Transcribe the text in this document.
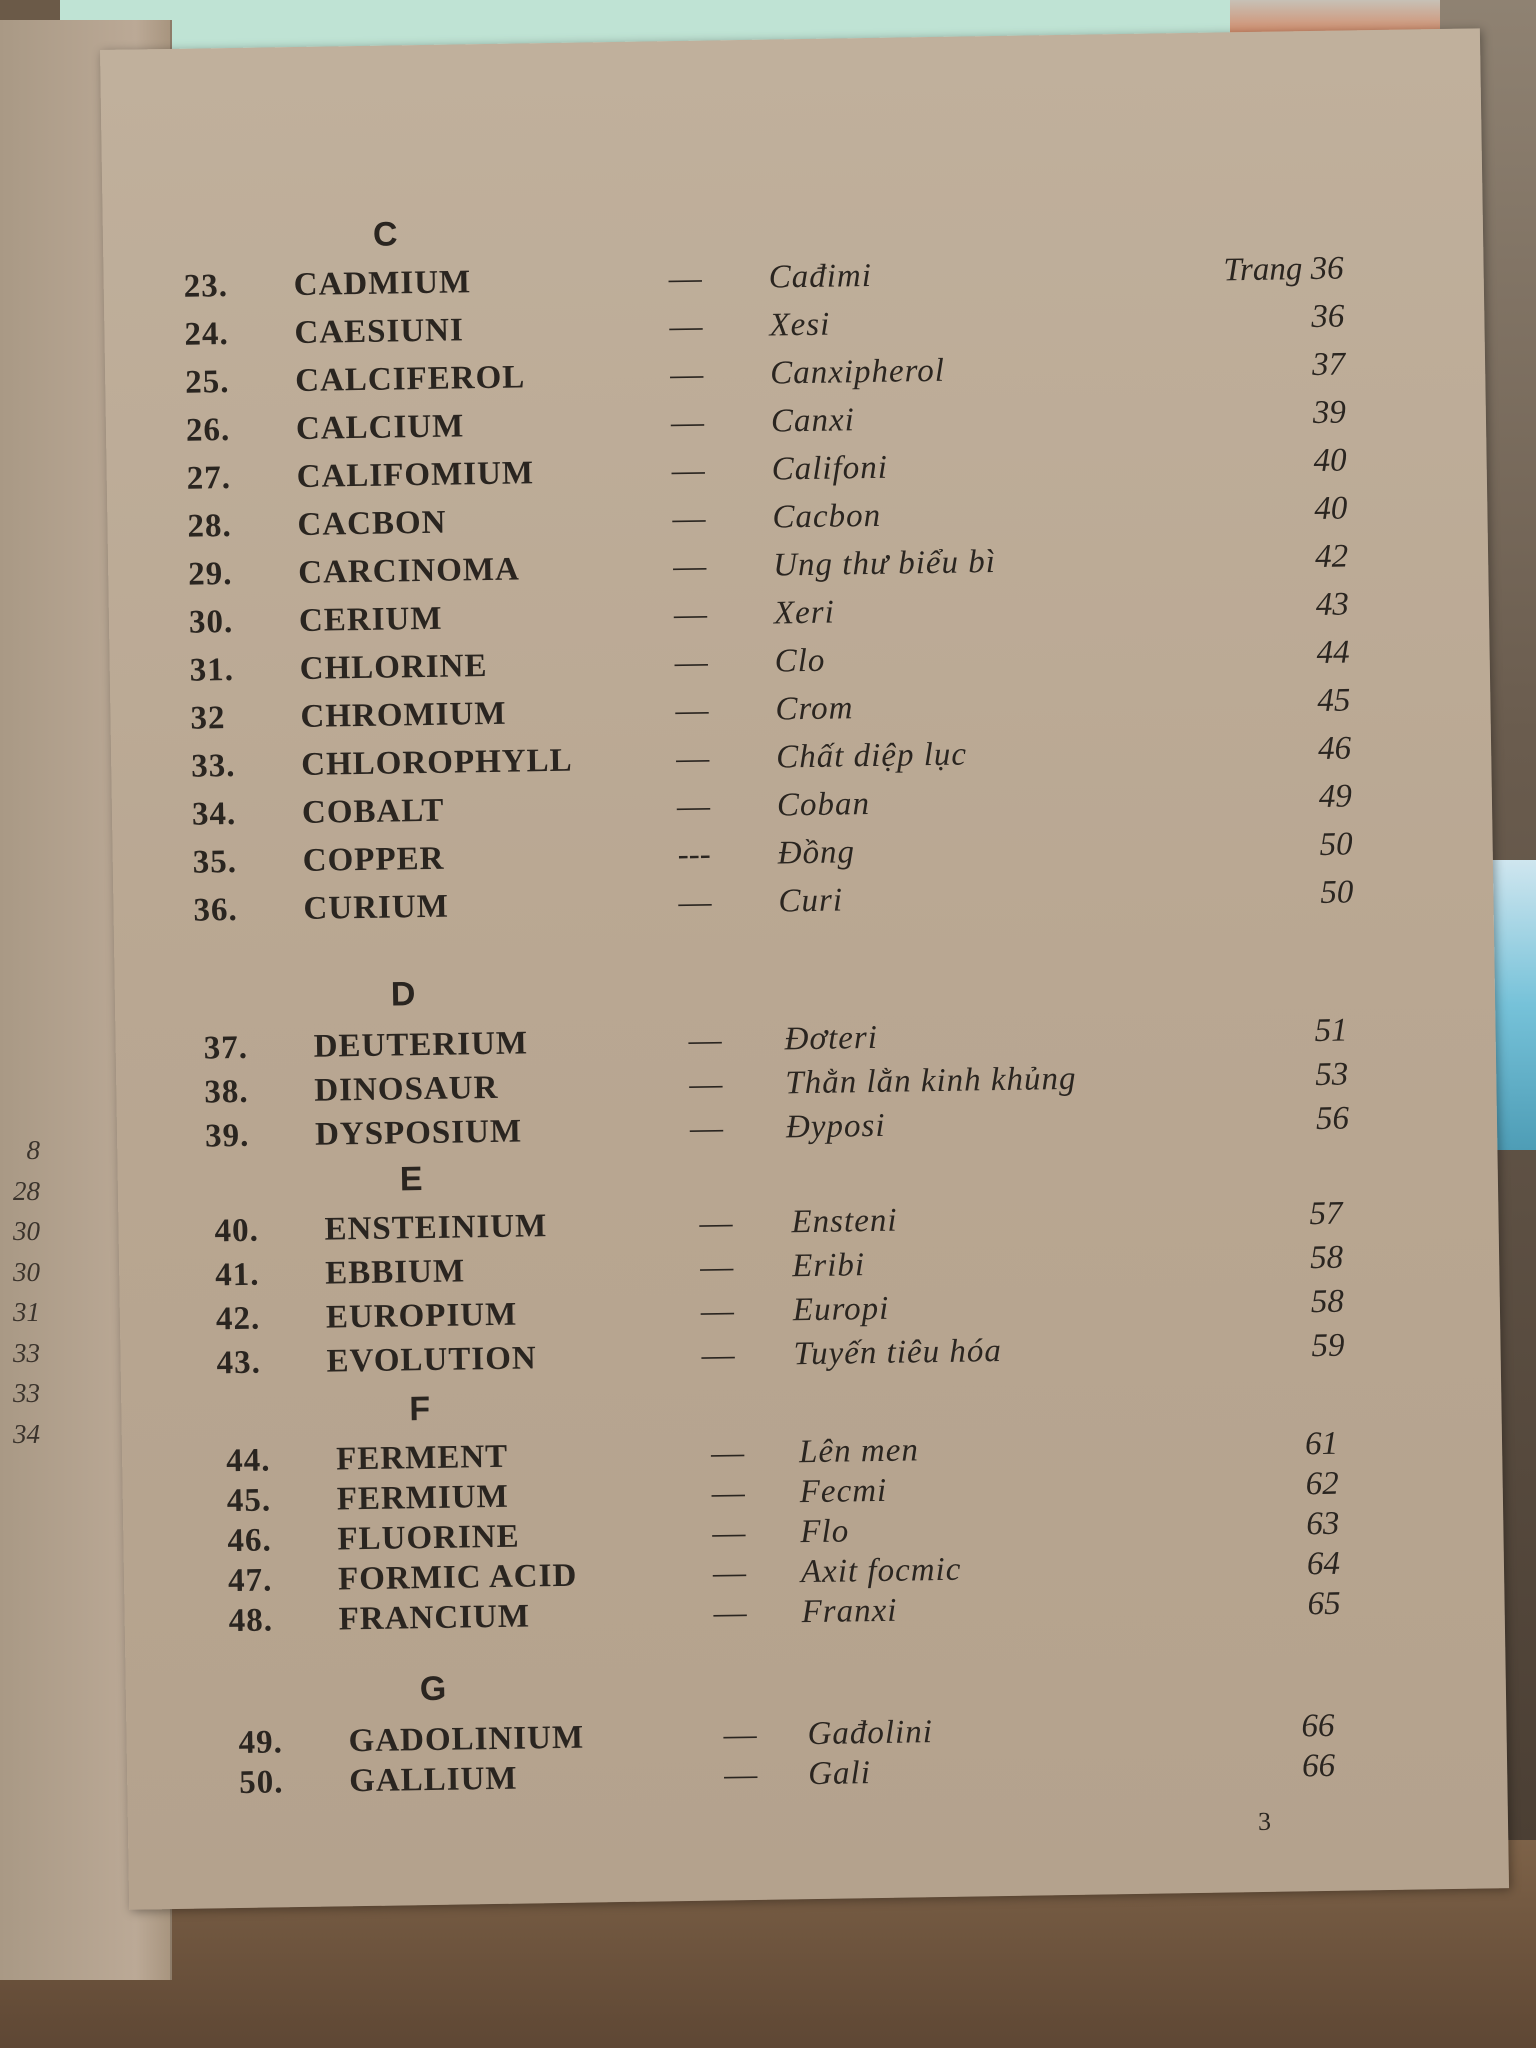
8
28
30
30
31
33
33
34
C
23. CADMIUM	— Cađimi	Trang 36
24. CAESIUNI	— Xesi	36
25. CALCIFEROL	— Canxipherol	37
26. CALCIUM	— Canxi	39
27. CALIFOMIUM	— Califoni	40
28. CACBON	— Cacbon	40
29. CARCINOMA	— Ung thư biểu bì	42
30. CERIUM	— Xeri	43
31. CHLORINE	— Clo	44
32 CHROMIUM	— Crom	45
33. CHLOROPHYLL	— Chất diệp lục	46
34. COBALT	— Coban	49
35. COPPER	--- Đồng	50
36. CURIUM	— Curi	50
D
37. DEUTERIUM	— Đơteri	51
38. DINOSAUR	— Thằn lằn kinh khủng	53
39. DYSPOSIUM	— Đyposi	56
E
40. ENSTEINIUM	— Ensteni	57
41. EBBIUM	— Eribi	58
42. EUROPIUM	— Europi	58
43. EVOLUTION	— Tuyến tiêu hóa	59
F
44. FERMENT	— Lên men	61
45. FERMIUM	— Fecmi	62
46. FLUORINE	— Flo	63
47. FORMIC ACID	— Axit focmic	64
48. FRANCIUM	— Franxi	65
G
49. GADOLINIUM	— Gađolini	66
50. GALLIUM	— Gali	66
3
